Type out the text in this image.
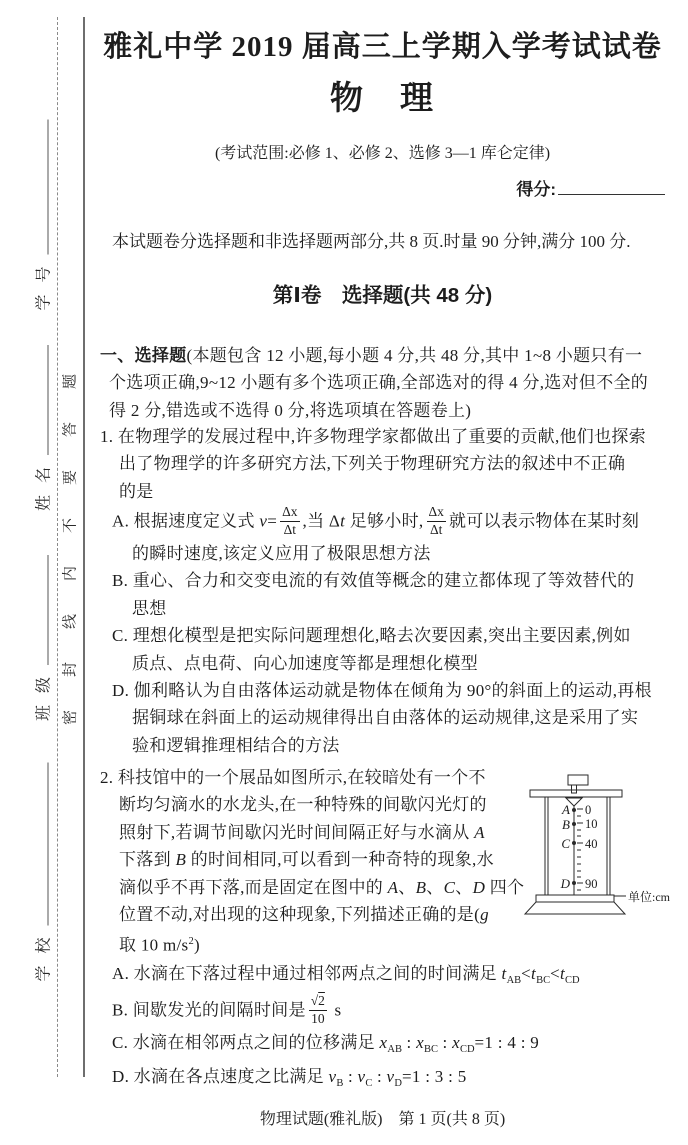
学号
姓名
班级
学校
密封线内不要答题
雅礼中学 2019 届高三上学期入学考试试卷
物　理
(考试范围:必修 1、必修 2、选修 3—1 库仑定律)
得分:
本试题卷分选择题和非选择题两部分,共 8 页.时量 90 分钟,满分 100 分.
第Ⅰ卷　选择题(共 48 分)
一、选择题(本题包含 12 小题,每小题 4 分,共 48 分,其中 1~8 小题只有一
个选项正确,9~12 小题有多个选项正确,全部选对的得 4 分,选对但不全的
得 2 分,错选或不选得 0 分,将选项填在答题卷上)
1. 在物理学的发展过程中,许多物理学家都做出了重要的贡献,他们也探索
出了物理学的许多研究方法,下列关于物理研究方法的叙述中不正确
的是
A. 根据速度定义式 $v= \frac{\Delta x}{\Delta t}$ ,当 Δt 足够小时, $\frac{\Delta x}{\Delta t}$ 就可以表示物体在某时刻
的瞬时速度,该定义应用了极限思想方法
B. 重心、合力和交变电流的有效值等概念的建立都体现了等效替代的
思想
C. 理想化模型是把实际问题理想化,略去次要因素,突出主要因素,例如
质点、点电荷、向心加速度等都是理想化模型
D. 伽利略认为自由落体运动就是物体在倾角为 90°的斜面上的运动,再根
据铜球在斜面上的运动规律得出自由落体的运动规律,这是采用了实
验和逻辑推理相结合的方法
2. 科技馆中的一个展品如图所示,在较暗处有一个不
断均匀滴水的水龙头,在一种特殊的间歇闪光灯的
照射下,若调节间歇闪光时间间隔正好与水滴从 A
下落到 B 的时间相同,可以看到一种奇特的现象,水
滴似乎不再下落,而是固定在图中的 A、B、C、D 四个
位置不动,对出现的这种现象,下列描述正确的是(g
取 10 $m/s^2$)
A. 水滴在下落过程中通过相邻两点之间的时间满足 $t_{AB}<t_{BC}<t_{CD}$
B. 间歇发光的间隔时间是 $\frac{√2}{10}$ s
C. 水滴在相邻两点之间的位移满足 $x_{AB}$ : $x_{BC}$ : $x_{CD}=1$ : 4 : 9
D. 水滴在各点速度之比满足 $v_B$ : $v_C$ : $v_D=1$ : 3 : 5
A
B
C
D
0
10
40
90
单位:cm
物理试题(雅礼版)　第 1 页(共 8 页)
